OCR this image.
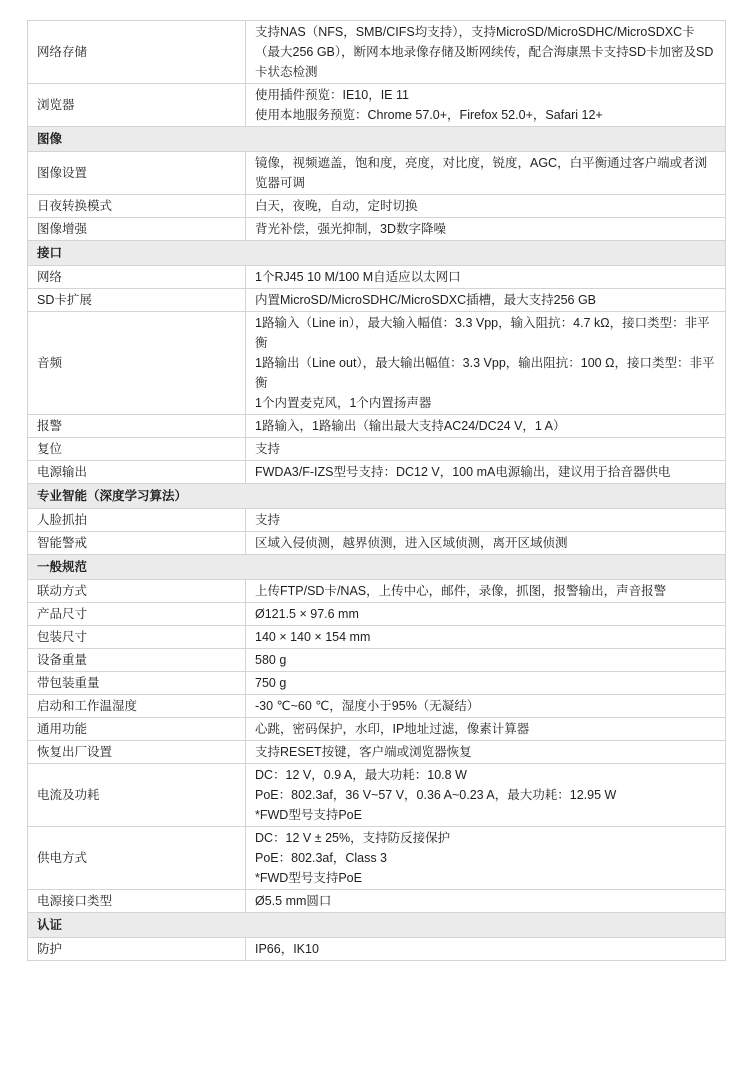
网络存储	支持NAS（NFS，SMB/CIFS均支持），支持MicroSD/MicroSDHC/MicroSDXC卡（最大256 GB），断网本地录像存储及断网续传，配合海康黑卡支持SD卡加密及SD卡状态检测

浏览器	使用插件预览：IE10，IE 11
使用本地服务预览：Chrome 57.0+，Firefox 52.0+，Safari 12+

图像	
图像设置	镜像，视频遮盖，饱和度，亮度，对比度，锐度，AGC，白平衡通过客户端或者浏览器可调

日夜转换模式	白天，夜晚，自动，定时切换

图像增强	背光补偿，强光抑制，3D数字降噪

接口	
网络	1个RJ45 10 M/100 M自适应以太网口

SD卡扩展	内置MicroSD/MicroSDHC/MicroSDXC插槽，最大支持256 GB

音频	1路输入（Line in），最大输入幅值：3.3 Vpp，输入阻抗：4.7 kΩ，接口类型：非平衡
1路输出（Line out），最大输出幅值：3.3 Vpp，输出阻抗：100 Ω，接口类型：非平衡
1个内置麦克风，1个内置扬声器

报警	1路输入，1路输出（输出最大支持AC24/DC24 V，1 A）

复位	支持

电源输出	FWDA3/F-IZS型号支持：DC12 V，100 mA电源输出，建议用于拾音器供电

专业智能（深度学习算法）	
人脸抓拍	支持

智能警戒	区域入侵侦测，越界侦测，进入区域侦测，离开区域侦测

一般规范	
联动方式	上传FTP/SD卡/NAS，上传中心，邮件，录像，抓图，报警输出，声音报警

产品尺寸	Ø121.5 × 97.6 mm

包装尺寸	140 × 140 × 154 mm

设备重量	580 g

带包装重量	750 g

启动和工作温湿度	-30 ℃~60 ℃，湿度小于95%（无凝结）

通用功能	心跳，密码保护，水印，IP地址过滤，像素计算器

恢复出厂设置	支持RESET按键，客户端或浏览器恢复

电流及功耗	DC：12 V，0.9 A，最大功耗：10.8 W
PoE：802.3af，36 V~57 V，0.36 A~0.23 A，最大功耗：12.95 W
*FWD型号支持PoE

供电方式	DC：12 V ± 25%，支持防反接保护
PoE：802.3af，Class 3
*FWD型号支持PoE

电源接口类型	Ø5.5 mm圆口

认证	
防护	IP66，IK10
